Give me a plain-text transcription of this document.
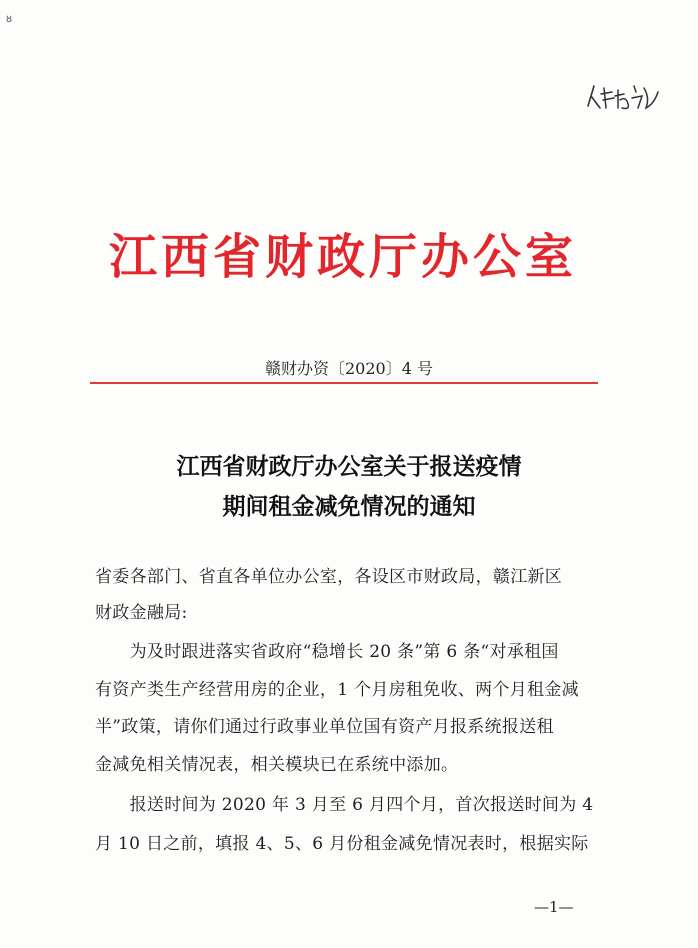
ȣ
江西省财政厅办公室
赣财办资〔2020〕4 号
江西省财政厅办公室关于报送疫情
期间租金减免情况的通知
省委各部门、省直各单位办公室，各设区市财政局，赣江新区
财政金融局:
　　为及时跟进落实省政府“稳增长 20 条”第 6 条“对承租国
有资产类生产经营用房的企业，1 个月房租免收、两个月租金减
半”政策，请你们通过行政事业单位国有资产月报系统报送租
金减免相关情况表，相关模块已在系统中添加。
　　报送时间为 2020 年 3 月至 6 月四个月，首次报送时间为 4
月 10 日之前，填报 4、5、6 月份租金减免情况表时，根据实际
—1—
